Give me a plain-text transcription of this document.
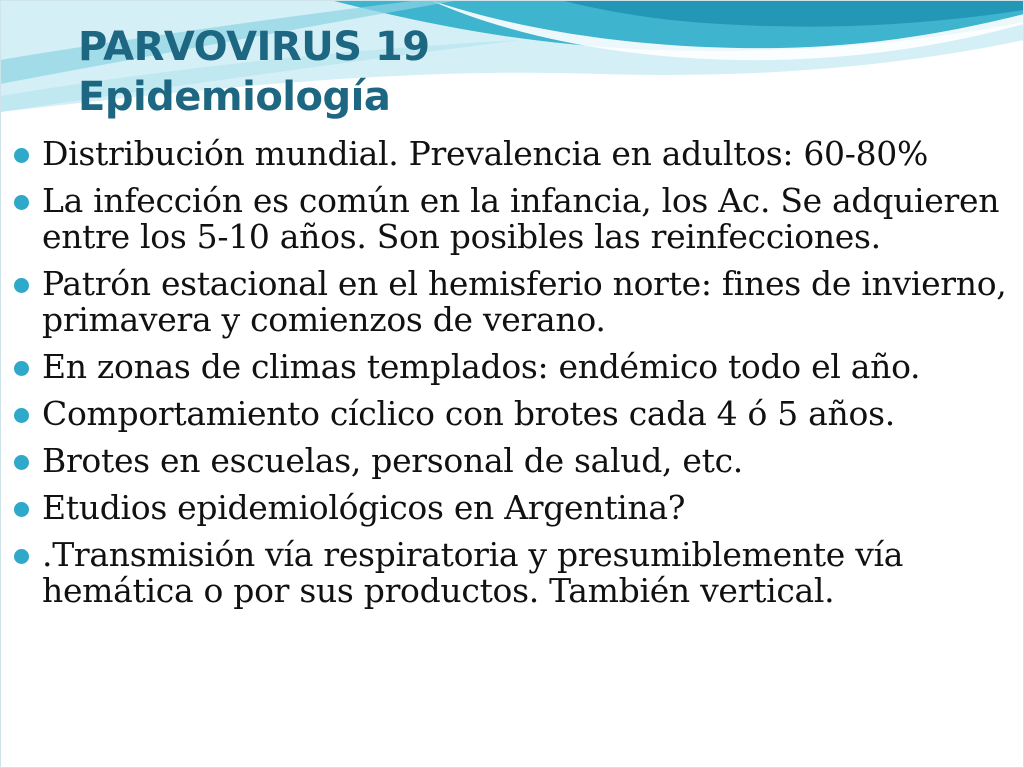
PARVOVIRUS 19
Epidemiología
Distribución mundial. Prevalencia en adultos: 60-80%
La infección es común en la infancia, los Ac. Se adquieren entre los 5-10 años. Son posibles las reinfecciones.
Patrón estacional en el hemisferio norte: fines de invierno, primavera y comienzos de verano.
En zonas de climas templados: endémico todo el año.
Comportamiento cíclico con brotes cada 4 ó 5 años.
Brotes en escuelas, personal de salud, etc.
Etudios epidemiológicos en Argentina?
.Transmisión vía respiratoria y presumiblemente vía hemática o por sus productos. También vertical.
